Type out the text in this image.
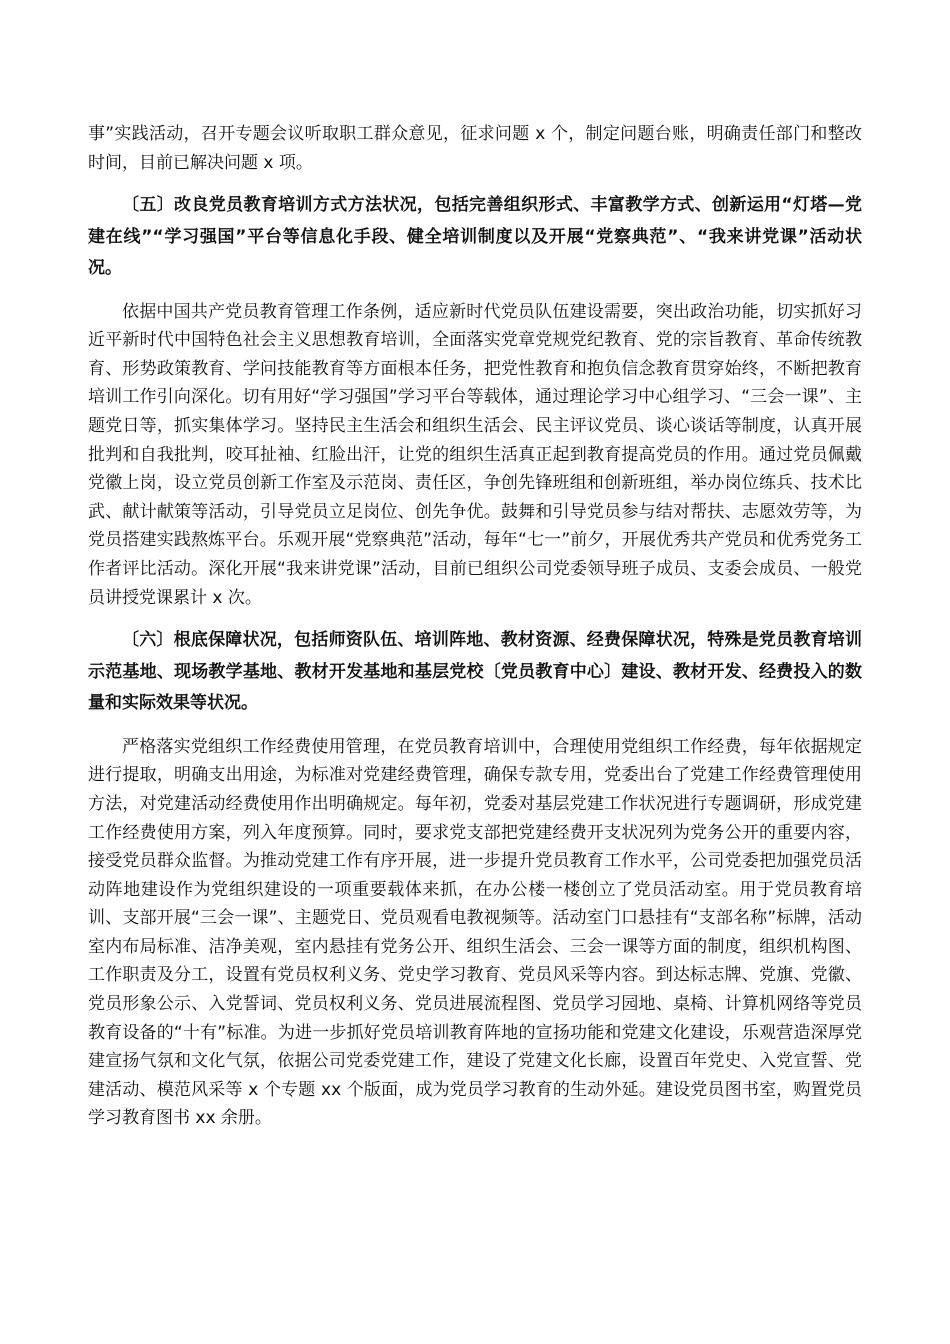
事”实践活动，召开专题会议听取职工群众意见，征求问题 x 个，制定问题台账，明确责任部门和整改时间，目前已解决问题 x 项。

〔五〕改良党员教育培训方式方法状况，包括完善组织形式、丰富教学方式、创新运用“灯塔—党建在线”“学习强国”平台等信息化手段、健全培训制度以及开展“党察典范”、“我来讲党课”活动状况。

依据中国共产党员教育管理工作条例，适应新时代党员队伍建设需要，突出政治功能，切实抓好习近平新时代中国特色社会主义思想教育培训，全面落实党章党规党纪教育、党的宗旨教育、革命传统教育、形势政策教育、学问技能教育等方面根本任务，把党性教育和抱负信念教育贯穿始终，不断把教育培训工作引向深化。切有用好“学习强国”学习平台等载体，通过理论学习中心组学习、“三会一课”、主题党日等，抓实集体学习。坚持民主生活会和组织生活会、民主评议党员、谈心谈话等制度，认真开展批判和自我批判，咬耳扯袖、红脸出汗，让党的组织生活真正起到教育提高党员的作用。通过党员佩戴党徽上岗，设立党员创新工作室及示范岗、责任区，争创先锋班组和创新班组，举办岗位练兵、技术比武、献计献策等活动，引导党员立足岗位、创先争优。鼓舞和引导党员参与结对帮扶、志愿效劳等，为党员搭建实践熬炼平台。乐观开展“党察典范”活动，每年“七一”前夕，开展优秀共产党员和优秀党务工作者评比活动。深化开展“我来讲党课”活动，目前已组织公司党委领导班子成员、支委会成员、一般党员讲授党课累计 x 次。

〔六〕根底保障状况，包括师资队伍、培训阵地、教材资源、经费保障状况，特殊是党员教育培训示范基地、现场教学基地、教材开发基地和基层党校〔党员教育中心〕建设、教材开发、经费投入的数量和实际效果等状况。

严格落实党组织工作经费使用管理，在党员教育培训中，合理使用党组织工作经费，每年依据规定进行提取，明确支出用途，为标准对党建经费管理，确保专款专用，党委出台了党建工作经费管理使用方法，对党建活动经费使用作出明确规定。每年初，党委对基层党建工作状况进行专题调研，形成党建工作经费使用方案，列入年度预算。同时，要求党支部把党建经费开支状况列为党务公开的重要内容，接受党员群众监督。为推动党建工作有序开展，进一步提升党员教育工作水平，公司党委把加强党员活动阵地建设作为党组织建设的一项重要载体来抓，在办公楼一楼创立了党员活动室。用于党员教育培训、支部开展“三会一课”、主题党日、党员观看电教视频等。活动室门口悬挂有“支部名称”标牌，活动室内布局标准、洁净美观，室内悬挂有党务公开、组织生活会、三会一课等方面的制度，组织机构图、工作职责及分工，设置有党员权利义务、党史学习教育、党员风采等内容。到达标志牌、党旗、党徽、党员形象公示、入党誓词、党员权利义务、党员进展流程图、党员学习园地、桌椅、计算机网络等党员教育设备的“十有”标准。为进一步抓好党员培训教育阵地的宣扬功能和党建文化建设，乐观营造深厚党建宣扬气氛和文化气氛，依据公司党委党建工作，建设了党建文化长廊，设置百年党史、入党宣誓、党建活动、模范风采等 x 个专题 xx 个版面，成为党员学习教育的生动外延。建设党员图书室，购置党员学习教育图书 xx 余册。
